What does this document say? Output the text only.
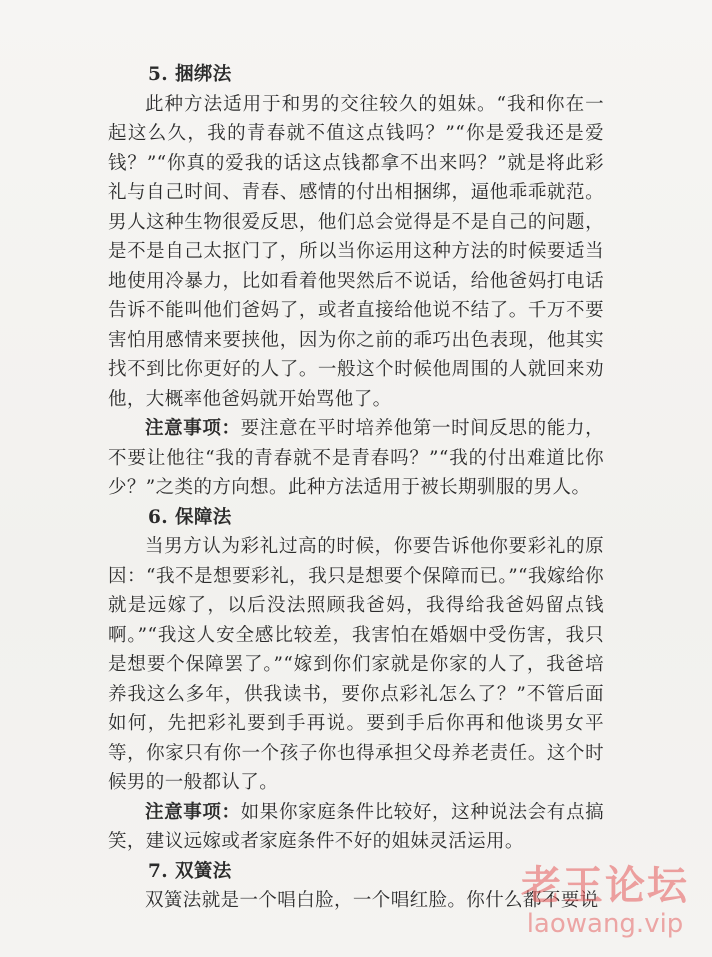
5. 捆绑法

此种方法适用于和男的交往较久的姐妹。“我和你在一起这么久，我的青春就不值这点钱吗？”“你是爱我还是爱钱？”“你真的爱我的话这点钱都拿不出来吗？”就是将此彩礼与自己时间、青春、感情的付出相捆绑，逼他乖乖就范。男人这种生物很爱反思，他们总会觉得是不是自己的问题，是不是自己太抠门了，所以当你运用这种方法的时候要适当地使用冷暴力，比如看着他哭然后不说话，给他爸妈打电话告诉不能叫他们爸妈了，或者直接给他说不结了。千万不要害怕用感情来要挟他，因为你之前的乖巧出色表现，他其实找不到比你更好的人了。一般这个时候他周围的人就回来劝他，大概率他爸妈就开始骂他了。

注意事项：要注意在平时培养他第一时间反思的能力，不要让他往“我的青春就不是青春吗？”“我的付出难道比你少？”之类的方向想。此种方法适用于被长期驯服的男人。

6. 保障法

当男方认为彩礼过高的时候，你要告诉他你要彩礼的原因：“我不是想要彩礼，我只是想要个保障而已。”“我嫁给你就是远嫁了，以后没法照顾我爸妈，我得给我爸妈留点钱啊。”“我这人安全感比较差，我害怕在婚姻中受伤害，我只是想要个保障罢了。”“嫁到你们家就是你家的人了，我爸培养我这么多年，供我读书，要你点彩礼怎么了？”不管后面如何，先把彩礼要到手再说。要到手后你再和他谈男女平等，你家只有你一个孩子你也得承担父母养老责任。这个时候男的一般都认了。

注意事项：如果你家庭条件比较好，这种说法会有点搞笑，建议远嫁或者家庭条件不好的姐妹灵活运用。

7. 双簧法

双簧法就是一个唱白脸，一个唱红脸。你什么都不要说

老王论坛
laowang.vip
